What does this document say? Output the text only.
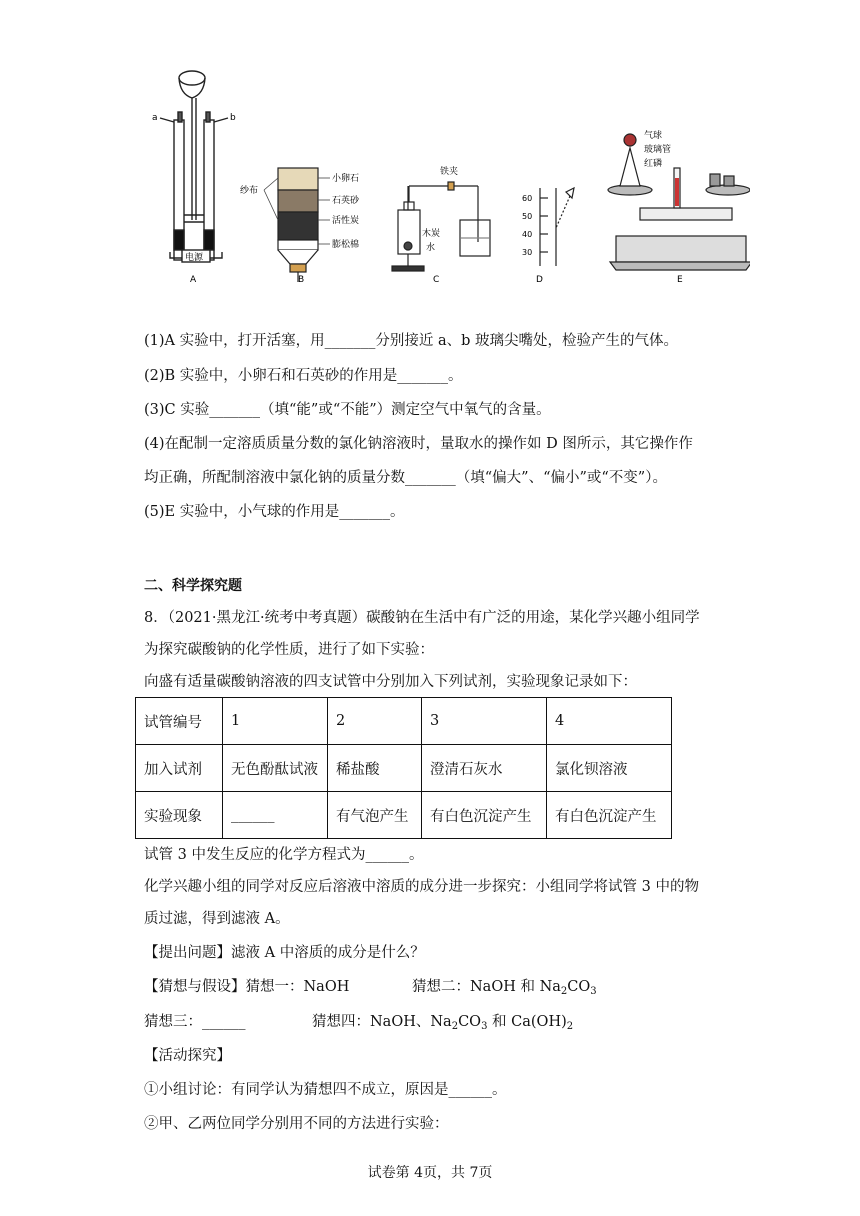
a	b
电源
A
纱布
小卵石
石英砂
活性炭
膨松棉
B
铁夹
木炭
水
C
60
50
40
30
D
气球
玻璃管
红磷
E
(1)A 实验中，打开活塞，用_______分别接近 a、b 玻璃尖嘴处，检验产生的气体。
(2)B 实验中，小卵石和石英砂的作用是_______。
(3)C 实验_______（填“能”或“不能”）测定空气中氧气的含量。
(4)在配制一定溶质质量分数的氯化钠溶液时，量取水的操作如 D 图所示，其它操作作
均正确，所配制溶液中氯化钠的质量分数_______（填“偏大”、“偏小”或“不变”）。
(5)E 实验中，小气球的作用是_______。
二、科学探究题
8．（2021·黑龙江·统考中考真题）碳酸钠在生活中有广泛的用途，某化学兴趣小组同学
为探究碳酸钠的化学性质，进行了如下实验：
向盛有适量碳酸钠溶液的四支试管中分别加入下列试剂，实验现象记录如下：
试管编号	1	2	3	4
加入试剂	无色酚酞试液	稀盐酸	澄清石灰水	氯化钡溶液
实验现象	______	有气泡产生	有白色沉淀产生	有白色沉淀产生
试管 3 中发生反应的化学方程式为______。
化学兴趣小组的同学对反应后溶液中溶质的成分进一步探究：小组同学将试管 3 中的物
质过滤，得到滤液 A。
【提出问题】滤液 A 中溶质的成分是什么？
【猜想与假设】猜想一：NaOH	猜想二：NaOH 和 $Na_2CO_3$
猜想三：______	猜想四：NaOH、$Na_2CO_3$ 和 $Ca(OH)_2$
【活动探究】
①小组讨论：有同学认为猜想四不成立，原因是______。
②甲、乙两位同学分别用不同的方法进行实验：
试卷第 4页，共 7页
